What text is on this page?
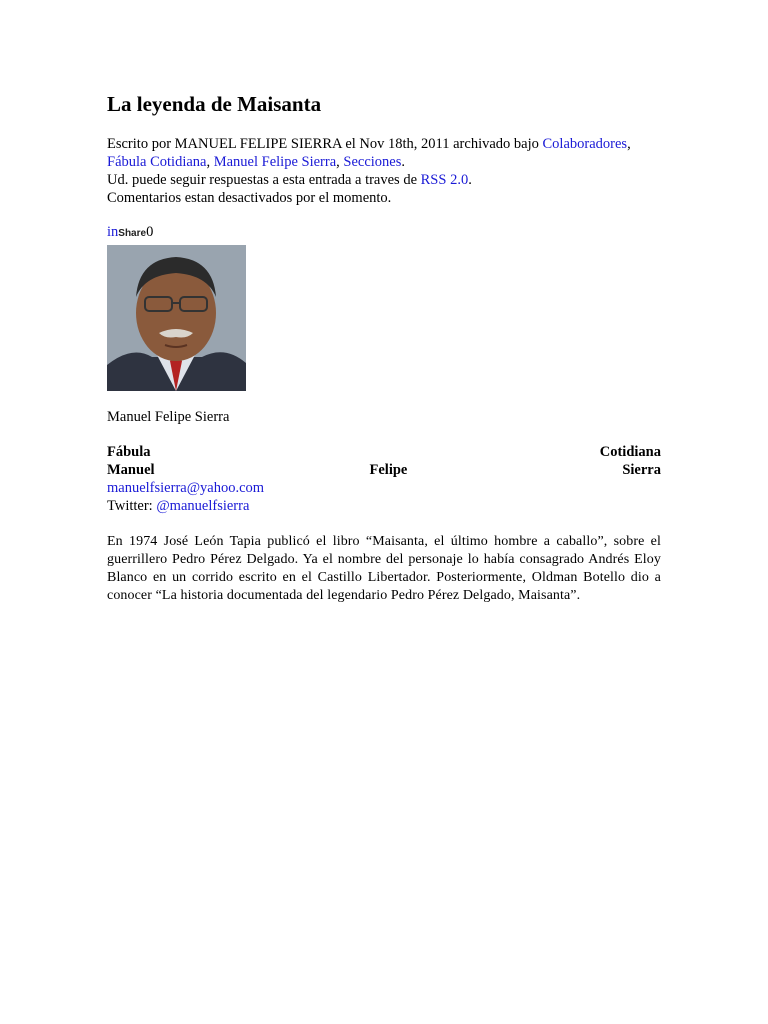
La leyenda de Maisanta
Escrito por MANUEL FELIPE SIERRA el Nov 18th, 2011 archivado bajo Colaboradores,
Fábula Cotidiana, Manuel Felipe Sierra, Secciones.
Ud. puede seguir respuestas a esta entrada a traves de RSS 2.0.
Comentarios estan desactivados por el momento.
inShare0
Manuel Felipe Sierra
Fábula	Cotidiana
Manuel	Felipe	Sierra
manuelfsierra@yahoo.com
Twitter: @manuelfsierra

En 1974 José León Tapia publicó el libro “Maisanta, el último hombre a caballo”, sobre el guerrillero Pedro Pérez Delgado. Ya el nombre del personaje lo había consagrado Andrés Eloy Blanco en un corrido escrito en el Castillo Libertador. Posteriormente, Oldman Botello dio a conocer “La historia documentada del legendario Pedro Pérez Delgado, Maisanta”.
